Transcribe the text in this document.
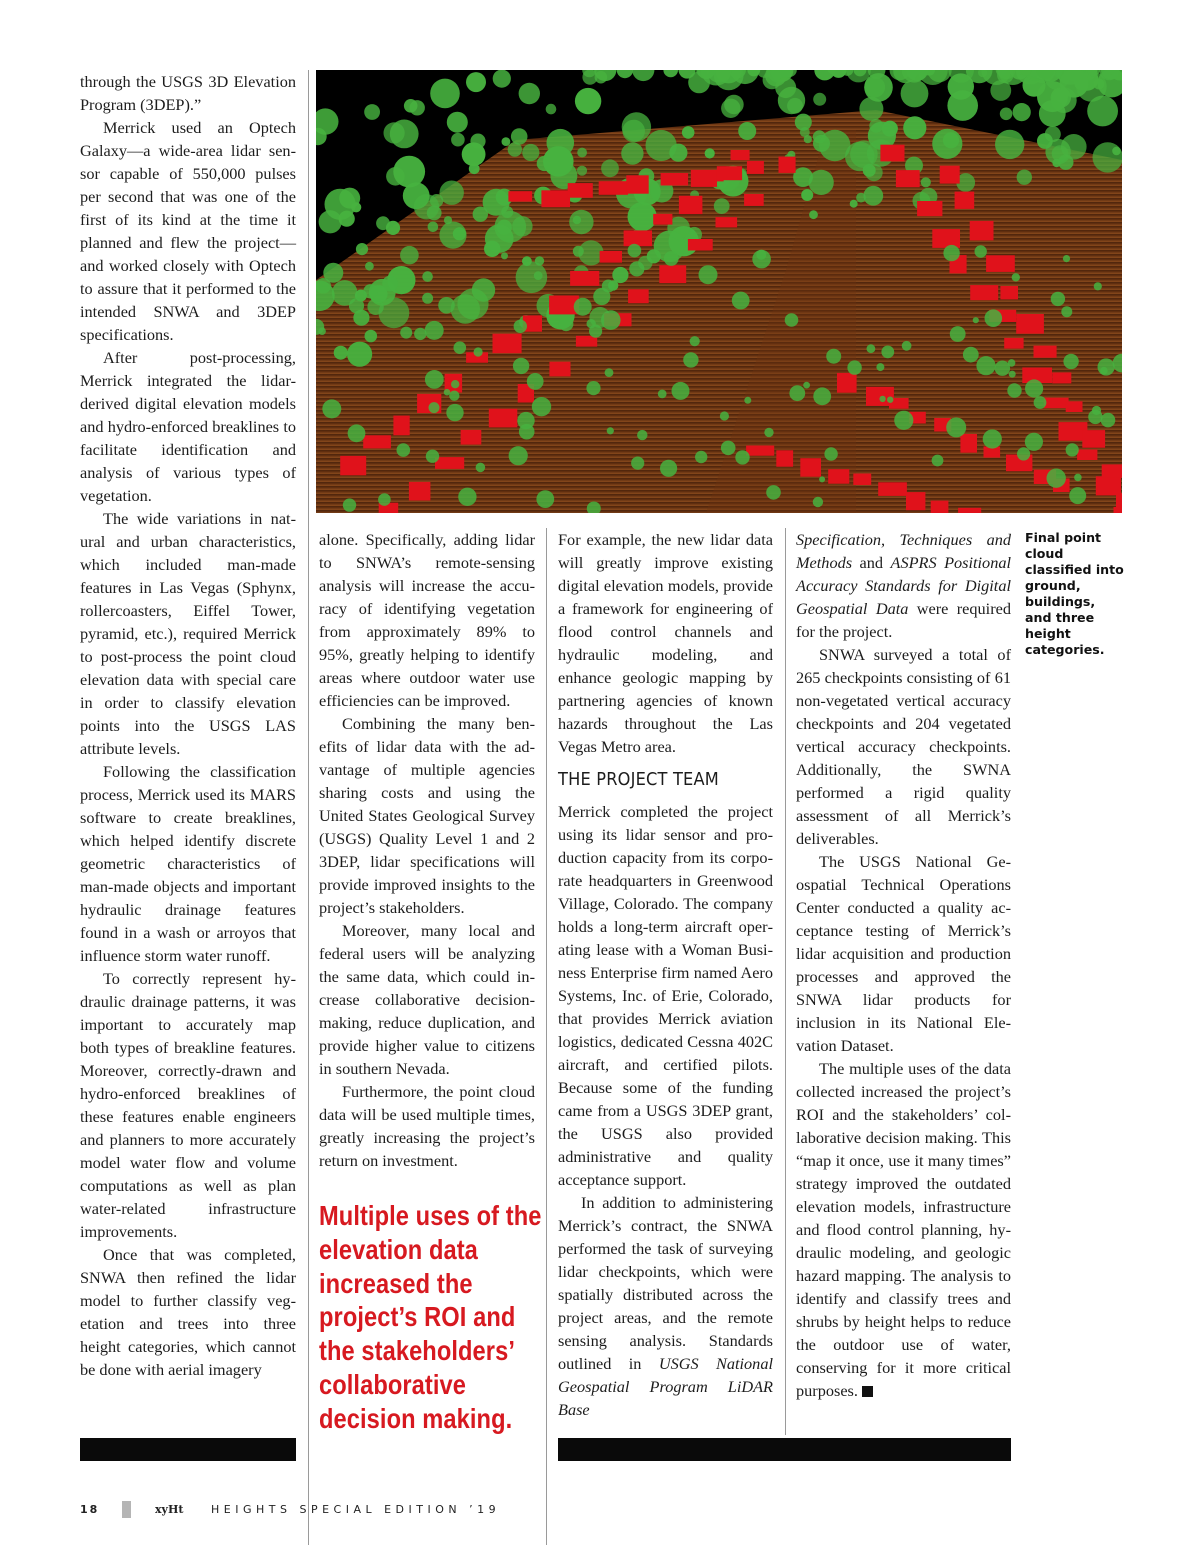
through the USGS 3D Elevation Program (3DEP).”

Merrick used an Optech Galaxy—a wide-area lidar sensor capable of 550,000 pulses per second that was one of the first of its kind at the time it planned and flew the project—and worked closely with Optech to assure that it performed to the intended SNWA and 3DEP specifications.

After post-processing, Merrick integrated the lidar-derived digital elevation models and hydro-enforced breaklines to facilitate identification and analysis of various types of vegetation.

The wide variations in natural and urban characteristics, which included man-made features in Las Vegas (Sphynx, rollercoasters, Eiffel Tower, pyramid, etc.), required Merrick to post-process the point cloud elevation data with special care in order to classify elevation points into the USGS LAS attribute levels.

Following the classification process, Merrick used its MARS software to create breaklines, which helped identify discrete geometric characteristics of man-made objects and important hydraulic drainage features found in a wash or arroyos that influence storm water runoff.

To correctly represent hydraulic drainage patterns, it was important to accurately map both types of breakline features. Moreover, correctly-drawn and hydro-enforced breaklines of these features enable engineers and planners to more accurately model water flow and volume computations as well as plan water-related infrastructure improvements.

Once that was completed, SNWA then refined the lidar model to further classify vegetation and trees into three height categories, which cannot be done with aerial imagery

alone. Specifically, adding lidar to SNWA’s remote-sensing analysis will increase the accuracy of identifying vegetation from approximately 89% to 95%, greatly helping to identify areas where outdoor water use efficiencies can be improved.

Combining the many benefits of lidar data with the advantage of multiple agencies sharing costs and using the United States Geological Survey (USGS) Quality Level 1 and 2 3DEP, lidar specifications will provide improved insights to the project’s stakeholders.

Moreover, many local and federal users will be analyzing the same data, which could increase collaborative decision-making, reduce duplication, and provide higher value to citizens in southern Nevada.

Furthermore, the point cloud data will be used multiple times, greatly increasing the project’s return on investment.

Multiple uses of the elevation data increased the project’s ROI and the stakeholders’ collaborative decision making.

For example, the new lidar data will greatly improve existing digital elevation models, provide a framework for engineering of flood control channels and hydraulic modeling, and enhance geologic mapping by partnering agencies of known hazards throughout the Las Vegas Metro area.

THE PROJECT TEAM

Merrick completed the project using its lidar sensor and production capacity from its corporate headquarters in Greenwood Village, Colorado. The company holds a long-term aircraft operating lease with a Woman Business Enterprise firm named Aero Systems, Inc. of Erie, Colorado, that provides Merrick aviation logistics, dedicated Cessna 402C aircraft, and certified pilots. Because some of the funding came from a USGS 3DEP grant, the USGS also provided administrative and quality acceptance support.

In addition to administering Merrick’s contract, the SNWA performed the task of surveying lidar checkpoints, which were spatially distributed across the project areas, and the remote sensing analysis. Standards outlined in USGS National Geospatial Program LiDAR Base

Specification, Techniques and Methods and ASPRS Positional Accuracy Standards for Digital Geospatial Data were required for the project.

SNWA surveyed a total of 265 checkpoints consisting of 61 non-vegetated vertical accuracy checkpoints and 204 vegetated vertical accuracy checkpoints. Additionally, the SWNA performed a rigid quality assessment of all Merrick’s deliverables.

The USGS National Geospatial Technical Operations Center conducted a quality acceptance testing of Merrick’s lidar acquisition and production processes and approved the SNWA lidar products for inclusion in its National Elevation Dataset.

The multiple uses of the data collected increased the project’s ROI and the stakeholders’ collaborative decision making. This “map it once, use it many times” strategy improved the outdated elevation models, infrastructure and flood control planning, hydraulic modeling, and geologic hazard mapping. The analysis to identify and classify trees and shrubs by height helps to reduce the outdoor use of water, conserving for it more critical purposes.

Final point cloud classified into ground, buildings, and three height categories.
18	xyHt	HEIGHTS SPECIAL EDITION ’19
